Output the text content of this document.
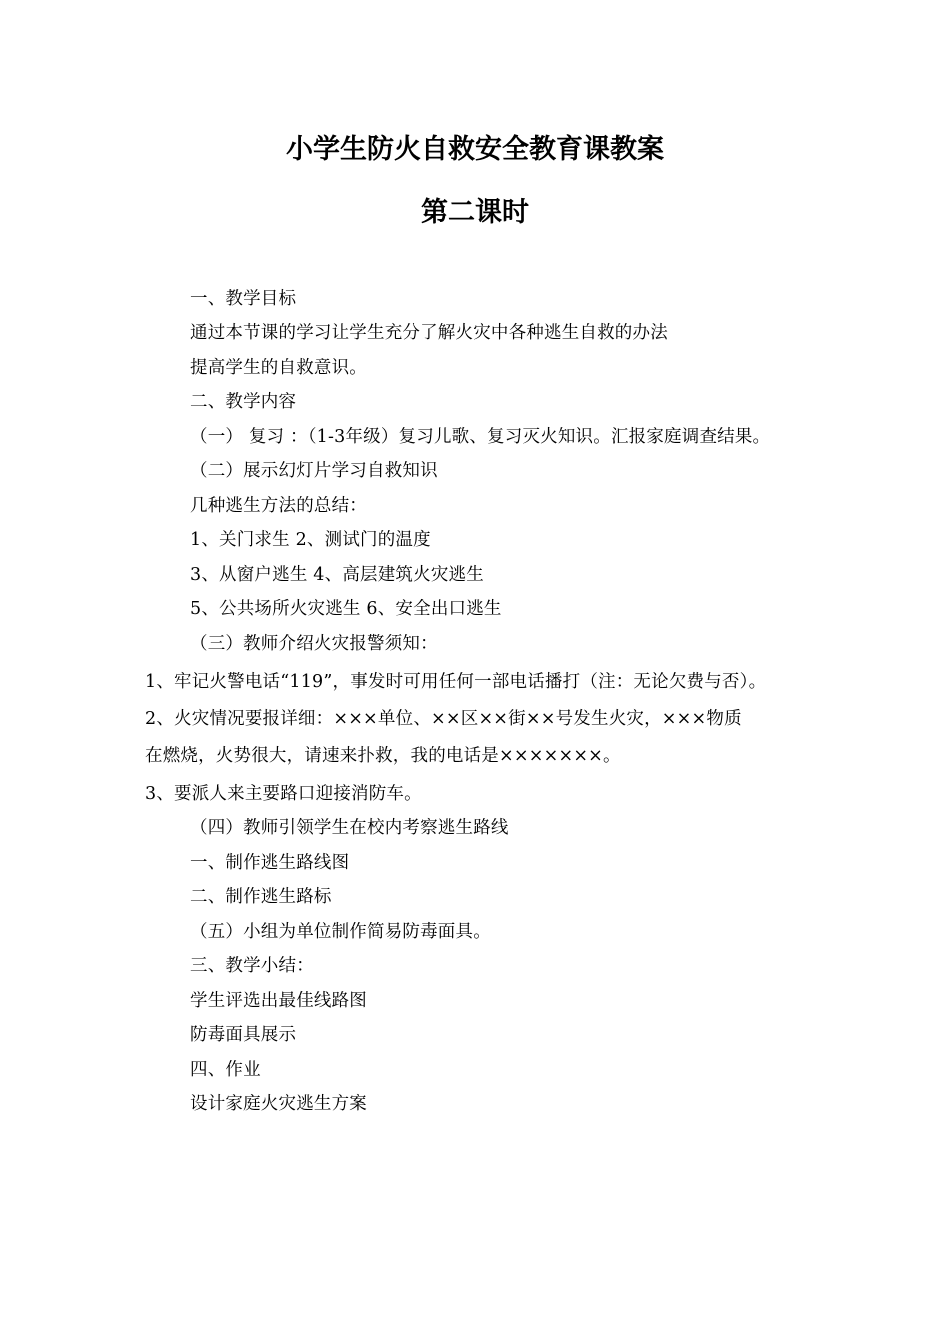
小学生防火自救安全教育课教案
第二课时
一、教学目标
通过本节课的学习让学生充分了解火灾中各种逃生自救的办法
提高学生的自救意识。
二、教学内容
（一） 复习 ：（1-3年级）复习儿歌、复习灭火知识。汇报家庭调查结果。
（二）展示幻灯片学习自救知识
几种逃生方法的总结：
1、关门求生 2、测试门的温度
3、从窗户逃生 4、高层建筑火灾逃生
5、公共场所火灾逃生 6、安全出口逃生
（三）教师介绍火灾报警须知：
1、牢记火警电话“119”，事发时可用任何一部电话播打（注：无论欠费与否）。
2、火灾情况要报详细：×××单位、××区××街××号发生火灾，×××物质
在燃烧，火势很大，请速来扑救，我的电话是×××××××。
3、要派人来主要路口迎接消防车。
（四）教师引领学生在校内考察逃生路线
一、制作逃生路线图
二、制作逃生路标
（五）小组为单位制作简易防毒面具。
三、教学小结：
学生评选出最佳线路图
防毒面具展示
四、作业
设计家庭火灾逃生方案
